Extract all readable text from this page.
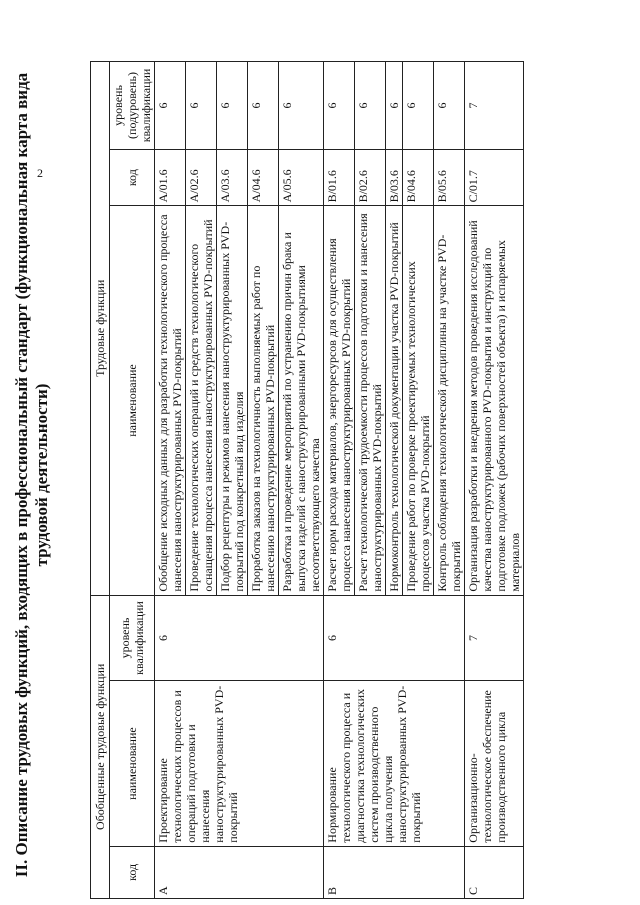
2
II. Описание трудовых функций, входящих в профессиональный стандарт (функциональная карта вида трудовой деятельности)
Обобщенные трудовые функции			Трудовые функции		
код	наименование	уровень квалификации	наименование	код	уровень (подуровень) квалификации
A	Проектирование технологических процессов и операций подготовки и нанесения наноструктурированных PVD-покрытий	6	Обобщение исходных данных для разработки технологического процесса нанесения наноструктурированных PVD-покрытий	A/01.6	6
			Проведение технологических операций и средств технологического оснащения процесса нанесения наноструктурированных PVD-покрытий	A/02.6	6
			Подбор рецептуры и режимов нанесения наноструктурированных PVD-покрытий под конкретный вид изделия	A/03.6	6
			Проработка заказов на технологичность выполняемых работ по нанесению наноструктурированных PVD-покрытий	A/04.6	6
			Разработка и проведение мероприятий по устранению причин брака и выпуска изделий с наноструктурированными PVD-покрытиями несоответствующего качества	A/05.6	6
B	Нормирование технологического процесса и диагностика технологических систем производственного цикла получения наноструктурированных PVD-покрытий	6	Расчет норм расхода материалов, энергоресурсов для осуществления процесса нанесения наноструктурированных PVD-покрытий	B/01.6	6
			Расчет технологической трудоемкости процессов подготовки и нанесения наноструктурированных PVD-покрытий	B/02.6	6
			Нормоконтроль технологической документации участка PVD-покрытий	B/03.6	6
			Проведение работ по проверке проектируемых технологических процессов участка PVD-покрытий	B/04.6	6
			Контроль соблюдения технологической дисциплины на участке PVD-покрытий	B/05.6	6
C	Организационно-технологическое обеспечение производственного цикла	7	Организация разработки и внедрения методов проведения исследований качества наноструктурированного PVD-покрытия и инструкций по подготовке подложек (рабочих поверхностей объекта) и испаряемых материалов	C/01.7	7
